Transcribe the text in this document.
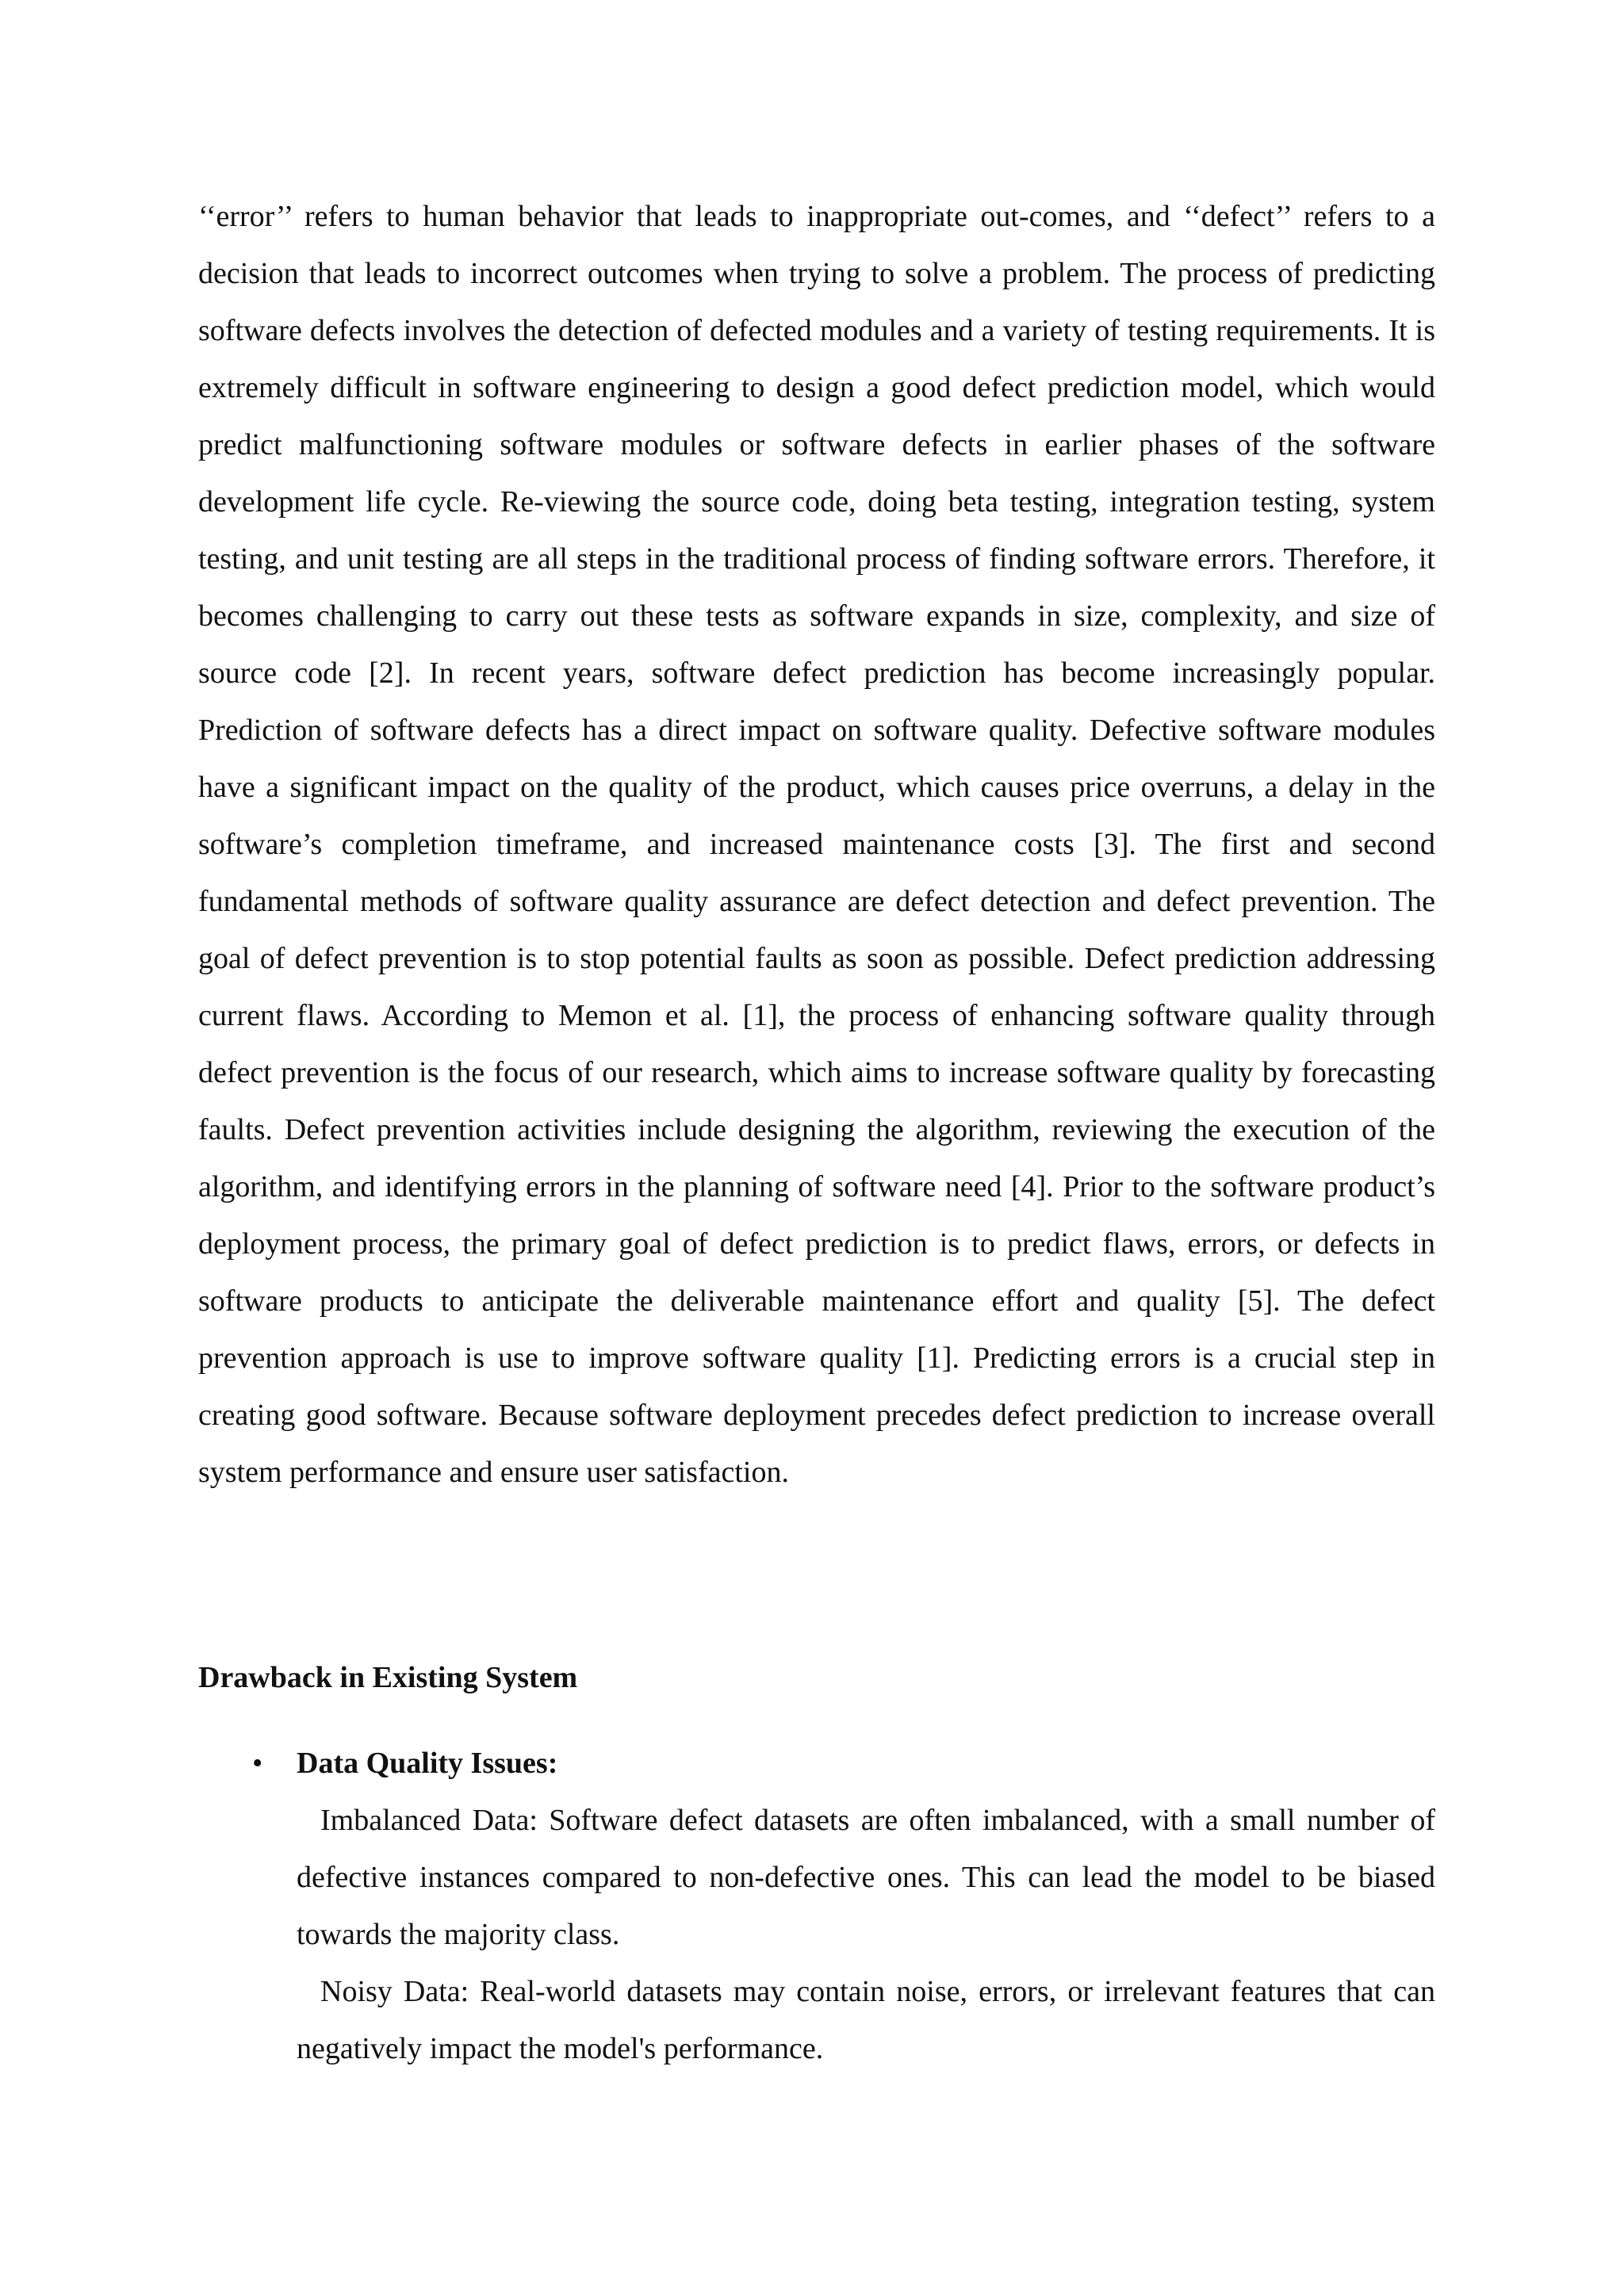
‘‘error’’ refers to human behavior that leads to inappropriate out-comes, and ‘‘defect’’ refers to a decision that leads to incorrect outcomes when trying to solve a problem. The process of predicting software defects involves the detection of defected modules and a variety of testing requirements. It is extremely difficult in software engineering to design a good defect prediction model, which would predict malfunctioning software modules or software defects in earlier phases of the software development life cycle. Re-viewing the source code, doing beta testing, integration testing, system testing, and unit testing are all steps in the traditional process of finding software errors. Therefore, it becomes challenging to carry out these tests as software expands in size, complexity, and size of source code [2]. In recent years, software defect prediction has become increasingly popular. Prediction of software defects has a direct impact on software quality. Defective software modules have a significant impact on the quality of the product, which causes price overruns, a delay in the software’s completion timeframe, and increased maintenance costs [3]. The first and second fundamental methods of software quality assurance are defect detection and defect prevention. The goal of defect prevention is to stop potential faults as soon as possible. Defect prediction addressing current flaws. According to Memon et al. [1], the process of enhancing software quality through defect prevention is the focus of our research, which aims to increase software quality by forecasting faults. Defect prevention activities include designing the algorithm, reviewing the execution of the algorithm, and identifying errors in the planning of software need [4]. Prior to the software product’s deployment process, the primary goal of defect prediction is to predict flaws, errors, or defects in software products to anticipate the deliverable maintenance effort and quality [5]. The defect prevention approach is use to improve software quality [1]. Predicting errors is a crucial step in creating good software. Because software deployment precedes defect prediction to increase overall system performance and ensure user satisfaction.

Drawback in Existing System
• Data Quality Issues:

Imbalanced Data: Software defect datasets are often imbalanced, with a small number of defective instances compared to non-defective ones. This can lead the model to be biased towards the majority class.

Noisy Data: Real-world datasets may contain noise, errors, or irrelevant features that can negatively impact the model's performance.
